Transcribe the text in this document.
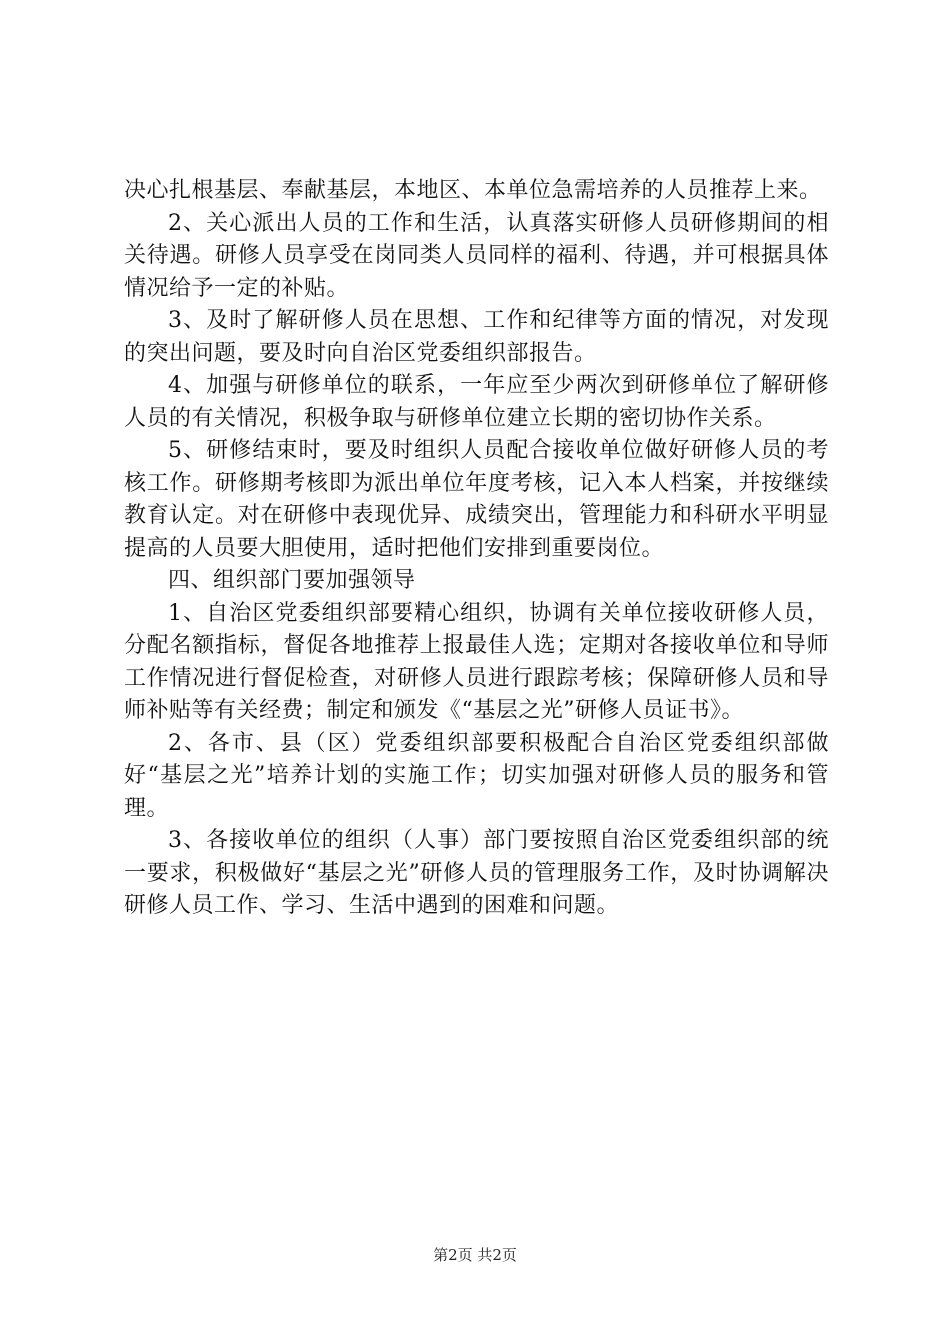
决心扎根基层、奉献基层，本地区、本单位急需培养的人员推荐上来。

2、关心派出人员的工作和生活，认真落实研修人员研修期间的相关待遇。研修人员享受在岗同类人员同样的福利、待遇，并可根据具体情况给予一定的补贴。

3、及时了解研修人员在思想、工作和纪律等方面的情况，对发现的突出问题，要及时向自治区党委组织部报告。

4、加强与研修单位的联系，一年应至少两次到研修单位了解研修人员的有关情况，积极争取与研修单位建立长期的密切协作关系。

5、研修结束时，要及时组织人员配合接收单位做好研修人员的考核工作。研修期考核即为派出单位年度考核，记入本人档案，并按继续教育认定。对在研修中表现优异、成绩突出，管理能力和科研水平明显提高的人员要大胆使用，适时把他们安排到重要岗位。

四、组织部门要加强领导

1、自治区党委组织部要精心组织，协调有关单位接收研修人员，分配名额指标，督促各地推荐上报最佳人选；定期对各接收单位和导师工作情况进行督促检查，对研修人员进行跟踪考核；保障研修人员和导师补贴等有关经费；制定和颁发《“基层之光”研修人员证书》。

2、各市、县（区）党委组织部要积极配合自治区党委组织部做好“基层之光”培养计划的实施工作；切实加强对研修人员的服务和管理。

3、各接收单位的组织（人事）部门要按照自治区党委组织部的统一要求，积极做好“基层之光”研修人员的管理服务工作，及时协调解决研修人员工作、学习、生活中遇到的困难和问题。

第2页 共2页
